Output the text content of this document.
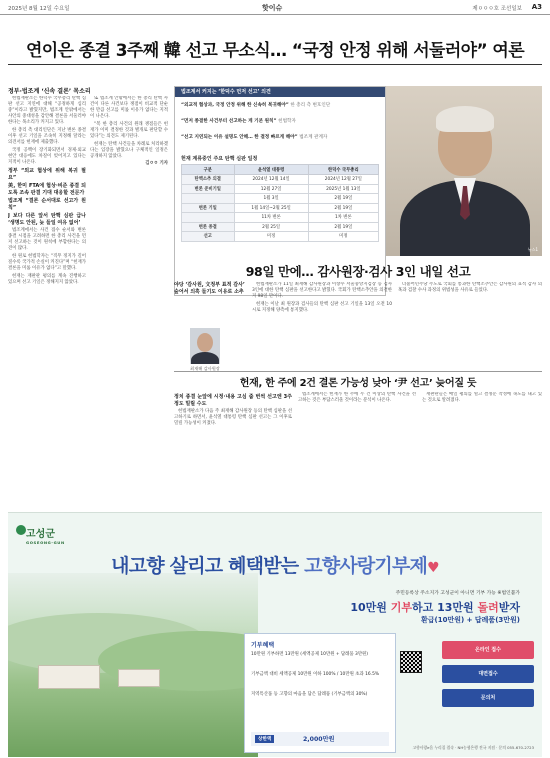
2025년 8월 12일 수요일	핫이슈	제ㅇㅇㅇ호 조선일보 A3
연이은 종결 3주째 韓 선고 무소식… “국정 안정 위해 서둘러야” 여론
정부·법조계 ‘신속 결론’ 목소리

헌법재판소는 한덕수 국무총리 탄핵 심판 선고 지연에 대해 “공정하게 심리 중”이라고 밝혔지만, 법조계 안팎에서는 사안의 중대성을 감안해 결론을 서둘러야 한다는 목소리가 커지고 있다.

한 총리 측 대리인단은 지난 변론 종결 이후 선고 기일을 조속히 지정해 달라는 의견서를 헌재에 제출했다.

국정 공백이 장기화되면서 경제·외교 현안 대응에도 차질이 빚어지고 있다는 지적이 나온다.

정부 “외교 협상에 위해 복귀 필요”
美, 한미 FTA에 협상·비준 종결 되도록 조속 판결 기대 대응할 전문가
법조계 “결론 순서대로 선고가 원칙”
J 보다 다른 앞서 탄핵 심판 급나 ‘생명도 안된, 늦 들일 여유 없어’

법조계에서는 사건 접수 순서와 변론 종결 시점을 고려하면 한 총리 사건을 먼저 선고하는 것이 원칙에 부합한다는 의견이 많다.

한 원로 헌법학자는 “직무 정지가 길어질수록 국가적 손실이 커진다”며 “헌재가 결론을 미룰 이유가 없다”고 말했다.

헌재는 재판관 평의를 계속 진행하고 있으며 선고 기일은 정해지지 않았다.

또 법조계 안팎에서는 한 총리 탄핵 사건이 다른 사건보다 쟁점이 비교적 단순한 만큼 선고를 미룰 이유가 없다는 지적이 나온다.

“복 한 총리 사건의 원래 쟁점들은 헌재가 이미 결정한 것과 별개로 판단할 수 있다”는 의견도 제기된다.

헌재는 탄핵 사건들을 차례로 처리하겠다는 입장을 밝혔으나 구체적인 일정은 공개하지 않았다.

김ㅇㅇ 기자

법조계서 커지는 ‘한덕수 먼저 선고’ 의견
“외교적 협상과, 국정 안정 위해 한 신속히 복귀해야” 한 총리 측 변호인단
“먼저 종결한 사건부터 선고하는 게 기본 원칙” 헌법학자
“선고 지연되는 이유 설명도 안해… 한 결정 빠르게 해야” 법조계 관계자
헌재 계류중인 주요 탄핵 심판 일정
구분	윤석열 대통령	한덕수 국무총리
탄핵소추 의결	2024년 12월 14일	2024년 12월 27일
변론 준비기일	12월 27일	2025년 1월 13일
	1월 3일	2월 19일
변론 기일	1월 14일~2월 25일	2월 19일
	11차 변론	1차 변론
변론 종결	2월 25일	2월 19일
선고	미정	미정
뉴스1
98일 만에… 감사원장·검사 3인 내일 선고
야당 ‘감사원, 文정부 표적 감사’ 숲어서 의혹 들기도 이유로 소추
최재해 감사원장

헌법재판소가 11일 최재해 감사원장과 이창수 서울중앙지검장 등 검사 3인에 대한 탄핵 심판을 선고한다고 밝혔다. 국회가 탄핵소추안을 의결한 지 98일 만이다.

헌재는 이날 최 원장과 검사들의 탄핵 심판 선고 기일을 13일 오전 10시로 지정해 양측에 통지했다.

더불어민주당 주도로 국회를 통과한 탄핵소추안은 감사원의 표적 감사 의혹과 검찰 수사 과정의 위법성을 사유로 들었다.

헌재, 한 주에 2건 결론 가능성 낮아 ‘尹 선고’ 늦어질 듯
정치 종결 눈앞에 시정·내용 고심 줍 번씩 선고엔 3주 정도 밀릴 수도

헌법재판소가 다음 주 최재해 감사원장 등의 탄핵 심판을 선고하기로 하면서, 윤석열 대통령 탄핵 심판 선고는 그 이후로 밀릴 가능성이 커졌다.

법조계에서는 헌재가 한 주에 두 건 이상의 탄핵 사건을 선고하는 것은 부담스러울 것이라는 분석이 나온다.

재판관들은 매일 평의를 열고 결정문 작성에 속도를 내고 있는 것으로 알려졌다.

고성군
GOSEONG-GUN
내고향 살리고 혜택받는 고향사랑기부제♥
주민등록상 주소지가 고성군이 아니면 기부 가능 ※법인불가
10만원 기부하고 13만원 돌려받자
환급(10만원) + 답례품(3만원)
기부혜택
10만원 기부하면 13만원 (세액공제 10만원 + 답례품 3만원)
기부금액 대비 세액공제 10만원 이하 100% / 10만원 초과 16.5%
지역특산품 등 고향의 마음을 담은 답례품 (기부금액의 30%)
상한액	2,000만원
온라인 접수
대면접수
문의처
고향사랑e음 누리집 접속 · NH농협은행 전국 지점 · 문의 055-670-2723
